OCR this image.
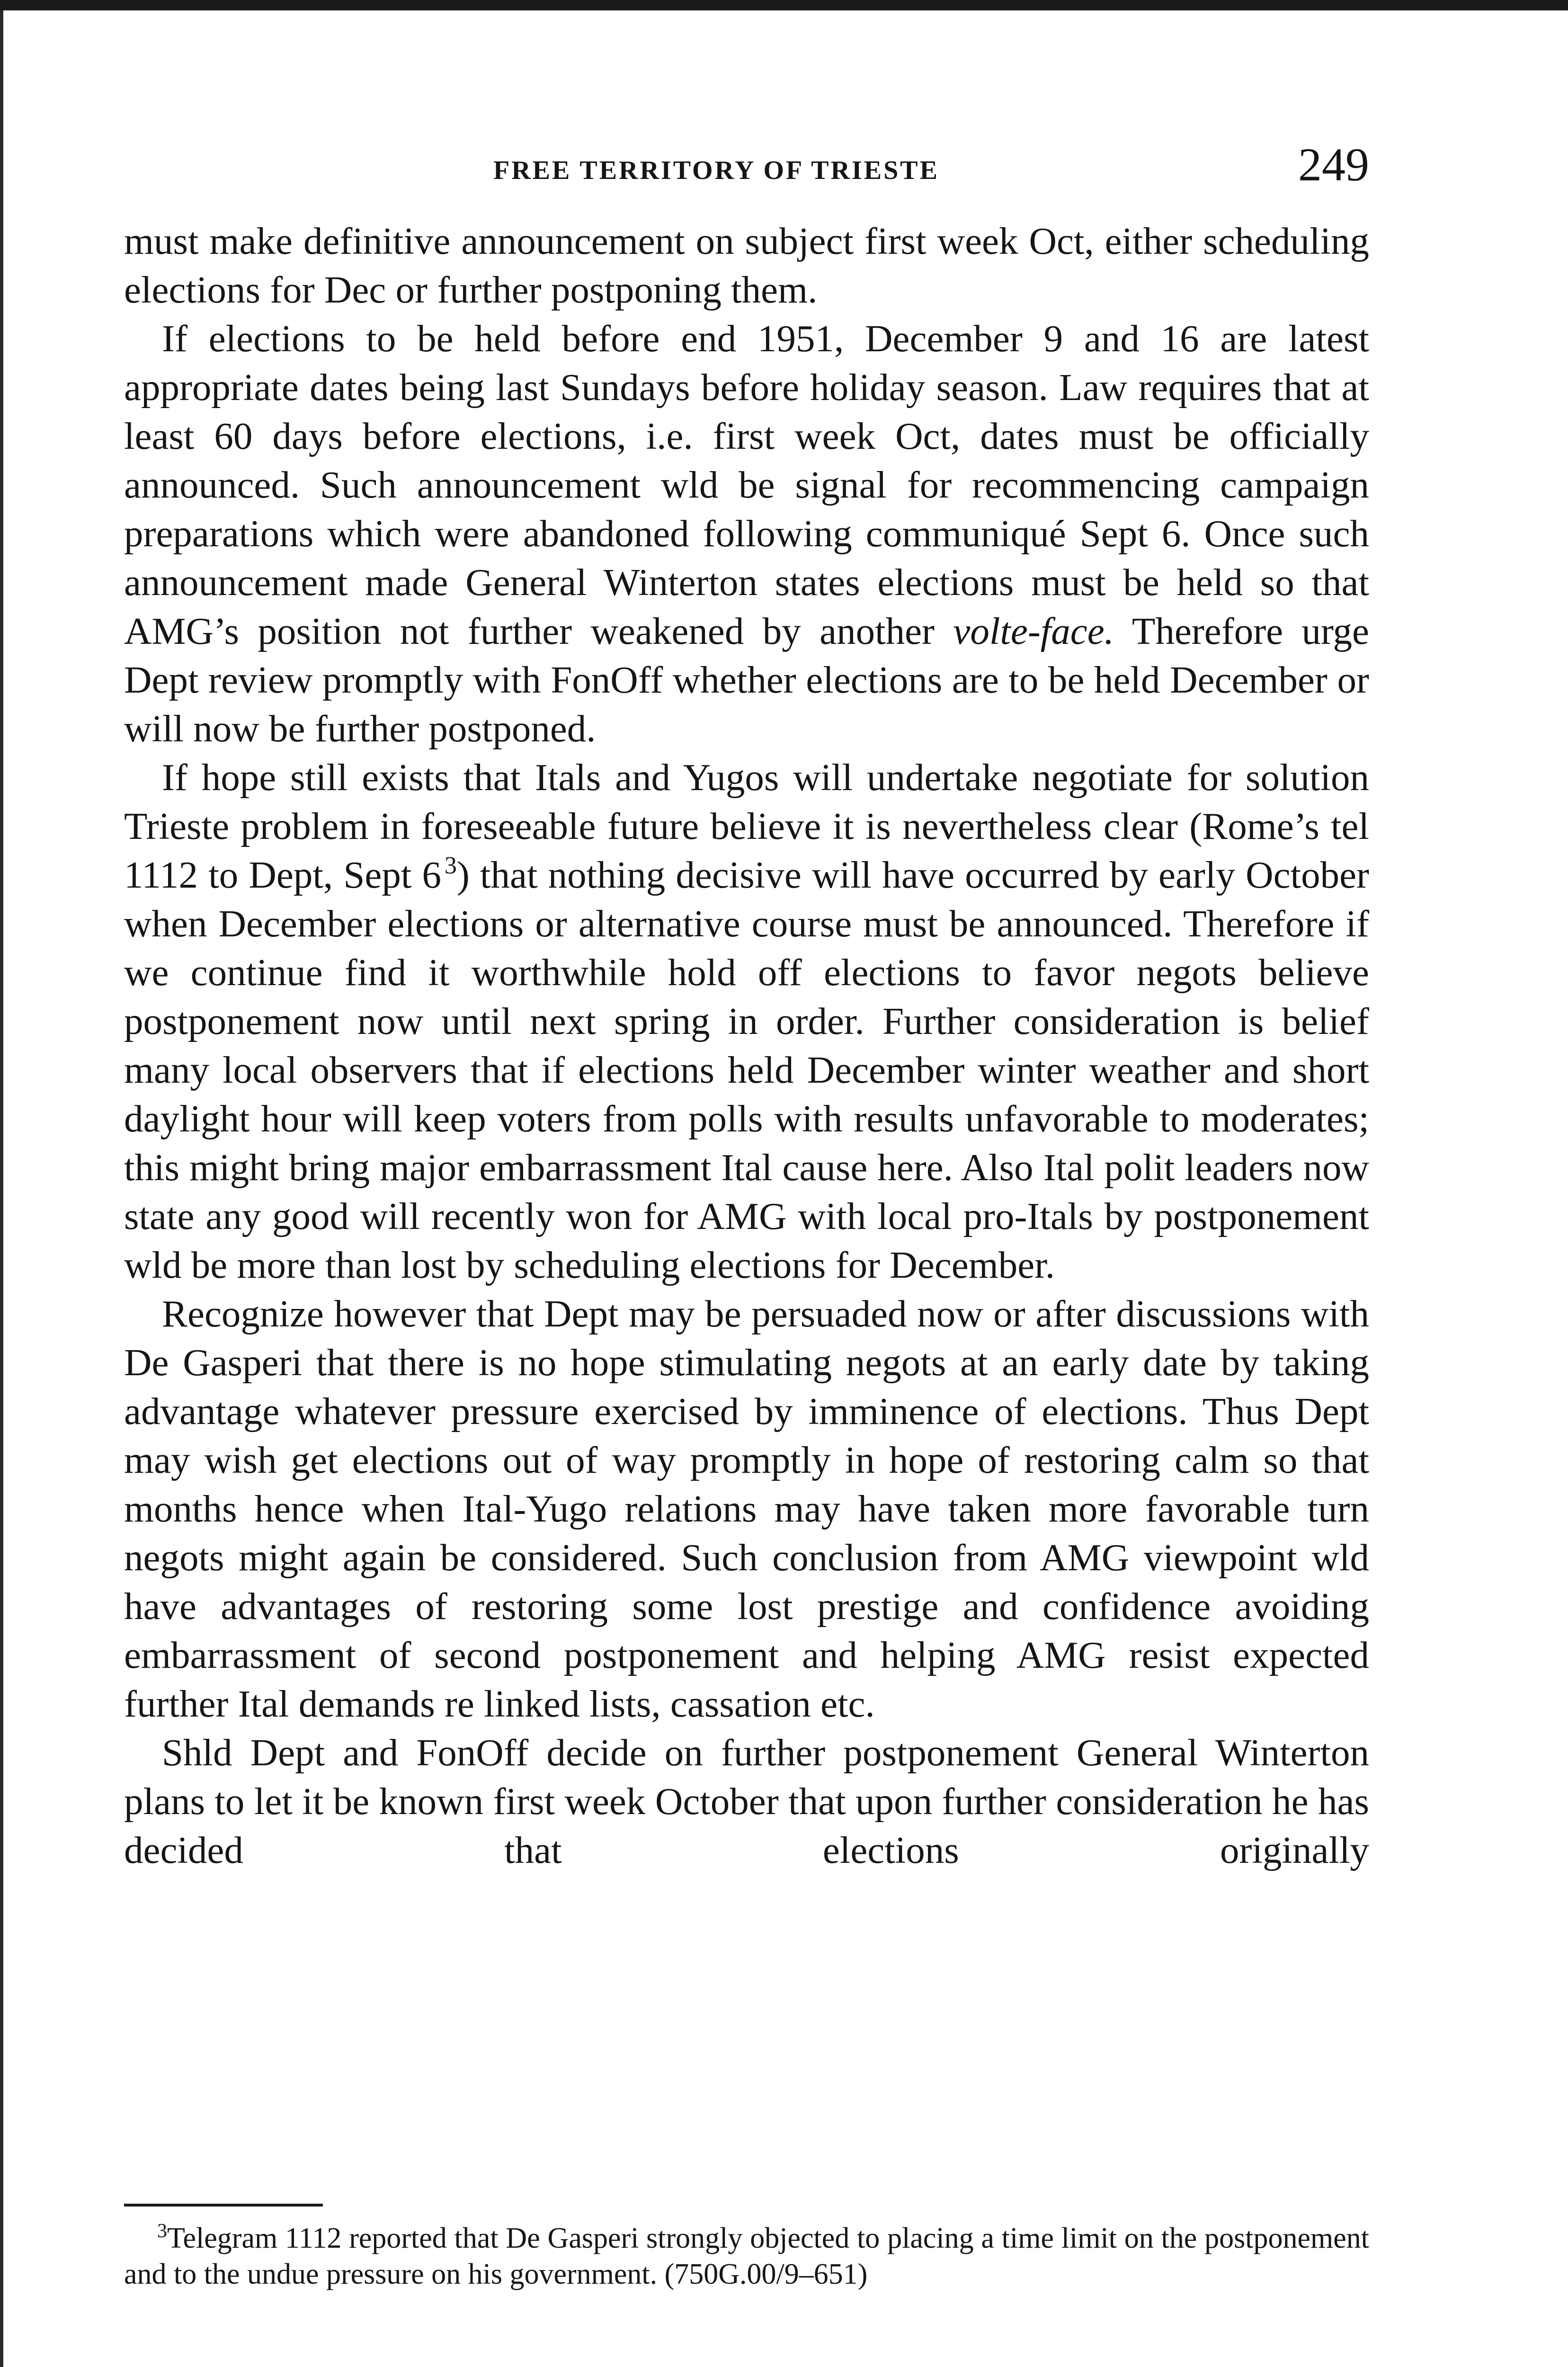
FREE TERRITORY OF TRIESTE	249

must make definitive announcement on subject first week Oct, either scheduling elections for Dec or further postponing them.

If elections to be held before end 1951, December 9 and 16 are latest appropriate dates being last Sundays before holiday season. Law requires that at least 60 days before elections, i.e. first week Oct, dates must be officially announced. Such announcement wld be signal for recommencing campaign preparations which were abandoned following communiqué Sept 6. Once such announcement made General Winterton states elections must be held so that AMG’s position not further weakened by another volte-face. Therefore urge Dept review promptly with FonOff whether elections are to be held December or will now be further postponed.

If hope still exists that Itals and Yugos will undertake negotiate for solution Trieste problem in foreseeable future believe it is nevertheless clear (Rome’s tel 1112 to Dept, Sept 6  $^3$) that nothing decisive will have occurred by early October when December elections or alternative course must be announced. Therefore if we continue find it worthwhile hold off elections to favor negots believe postponement now until next spring in order. Further consideration is belief many local observers that if elections held December winter weather and short daylight hour will keep voters from polls with results unfavorable to moderates; this might bring major embarrassment Ital cause here. Also Ital polit leaders now state any good will recently won for AMG with local pro-Itals by postponement wld be more than lost by scheduling elections for December.

Recognize however that Dept may be persuaded now or after discussions with De Gasperi that there is no hope stimulating negots at an early date by taking advantage whatever pressure exercised by imminence of elections. Thus Dept may wish get elections out of way promptly in hope of restoring calm so that months hence when Ital-Yugo relations may have taken more favorable turn negots might again be considered. Such conclusion from AMG viewpoint wld have advantages of restoring some lost prestige and confidence avoiding embarrassment of second postponement and helping AMG resist expected further Ital demands re linked lists, cassation etc.

Shld Dept and FonOff decide on further postponement General Winterton plans to let it be known first week October that upon further consideration he has decided that elections originally

$^3$Telegram 1112 reported that De Gasperi strongly objected to placing a time limit on the postponement and to the undue pressure on his government. (750G.00/9–651)
